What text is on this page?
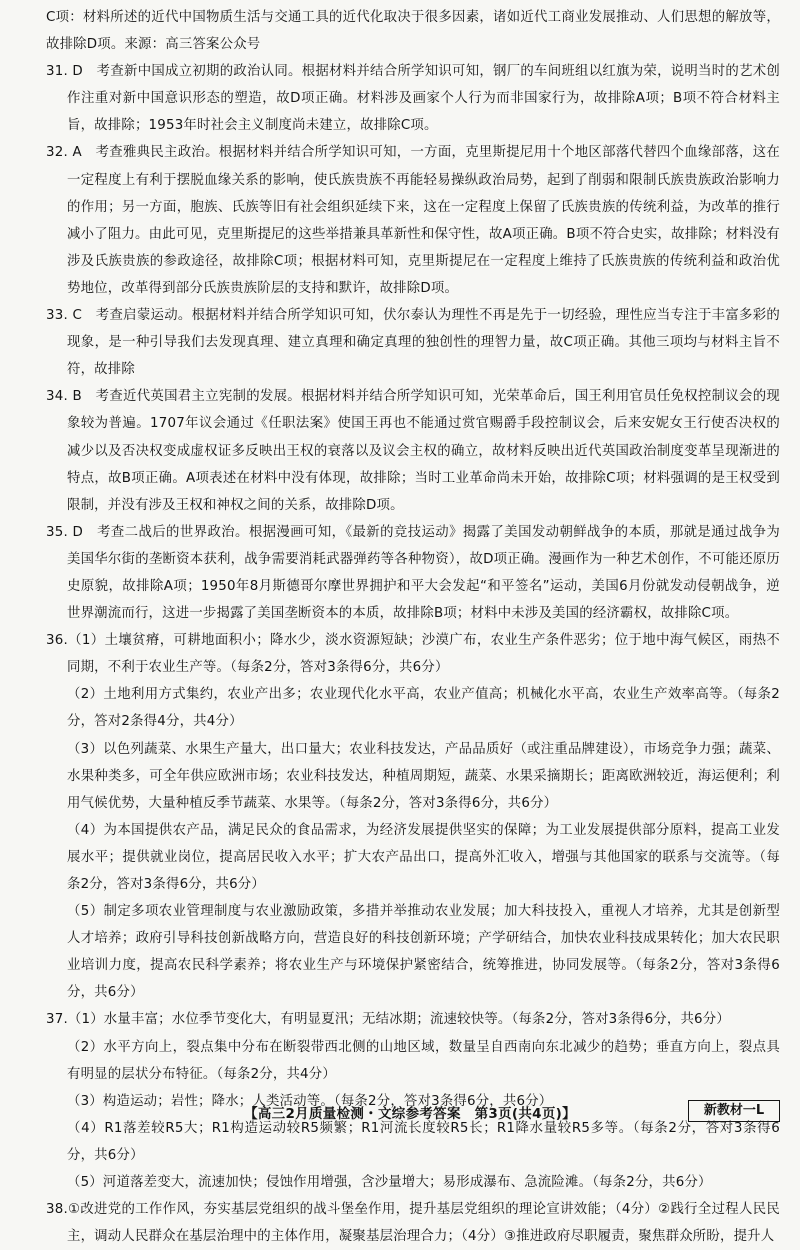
C项：材料所述的近代中国物质生活与交通工具的近代化取决于很多因素，诸如近代工商业发展推动、人们思想的解放等，故排除D项。来源：高三答案公众号

31. D　考查新中国成立初期的政治认同。根据材料并结合所学知识可知，钢厂的车间班组以红旗为荣，说明当时的艺术创作注重对新中国意识形态的塑造，故D项正确。材料涉及画家个人行为而非国家行为，故排除A项；B项不符合材料主旨，故排除；1953年时社会主义制度尚未建立，故排除C项。

32. A　考查雅典民主政治。根据材料并结合所学知识可知，一方面，克里斯提尼用十个地区部落代替四个血缘部落，这在一定程度上有利于摆脱血缘关系的影响，使氏族贵族不再能轻易操纵政治局势，起到了削弱和限制氏族贵族政治影响力的作用；另一方面，胞族、氏族等旧有社会组织延续下来，这在一定程度上保留了氏族贵族的传统利益，为改革的推行减小了阻力。由此可见，克里斯提尼的这些举措兼具革新性和保守性，故A项正确。B项不符合史实，故排除；材料没有涉及氏族贵族的参政途径，故排除C项；根据材料可知，克里斯提尼在一定程度上维持了氏族贵族的传统利益和政治优势地位，改革得到部分氏族贵族阶层的支持和默许，故排除D项。

33. C　考查启蒙运动。根据材料并结合所学知识可知，伏尔泰认为理性不再是先于一切经验，理性应当专注于丰富多彩的现象，是一种引导我们去发现真理、建立真理和确定真理的独创性的理智力量，故C项正确。其他三项均与材料主旨不符，故排除

34. B　考查近代英国君主立宪制的发展。根据材料并结合所学知识可知，光荣革命后，国王利用官员任免权控制议会的现象较为普遍。1707年议会通过《任职法案》使国王再也不能通过赏官赐爵手段控制议会，后来安妮女王行使否决权的减少以及否决权变成虚权证多反映出王权的衰落以及议会主权的确立，故材料反映出近代英国政治制度变革呈现渐进的特点，故B项正确。A项表述在材料中没有体现，故排除；当时工业革命尚未开始，故排除C项；材料强调的是王权受到限制，并没有涉及王权和神权之间的关系，故排除D项。

35. D　考查二战后的世界政治。根据漫画可知，《最新的竞技运动》揭露了美国发动朝鲜战争的本质，那就是通过战争为美国华尔街的垄断资本获利，战争需要消耗武器弹药等各种物资），故D项正确。漫画作为一种艺术创作，不可能还原历史原貌，故排除A项；1950年8月斯德哥尔摩世界拥护和平大会发起“和平签名”运动，美国6月份就发动侵朝战争，逆世界潮流而行，这进一步揭露了美国垄断资本的本质，故排除B项；材料中未涉及美国的经济霸权，故排除C项。

36.（1）土壤贫瘠，可耕地面积小；降水少，淡水资源短缺；沙漠广布，农业生产条件恶劣；位于地中海气候区，雨热不同期，不利于农业生产等。（每条2分，答对3条得6分，共6分）

（2）土地利用方式集约，农业产出多；农业现代化水平高，农业产值高；机械化水平高，农业生产效率高等。（每条2分，答对2条得4分，共4分）

（3）以色列蔬菜、水果生产量大，出口量大；农业科技发达，产品品质好（或注重品牌建设），市场竞争力强；蔬菜、水果种类多，可全年供应欧洲市场；农业科技发达，种植周期短，蔬菜、水果采摘期长；距离欧洲较近，海运便利；利用气候优势，大量种植反季节蔬菜、水果等。（每条2分，答对3条得6分，共6分）

（4）为本国提供农产品，满足民众的食品需求，为经济发展提供坚实的保障；为工业发展提供部分原料，提高工业发展水平；提供就业岗位，提高居民收入水平；扩大农产品出口，提高外汇收入，增强与其他国家的联系与交流等。（每条2分，答对3条得6分，共6分）

（5）制定多项农业管理制度与农业激励政策，多措并举推动农业发展；加大科技投入，重视人才培养，尤其是创新型人才培养；政府引导科技创新战略方向，营造良好的科技创新环境；产学研结合，加快农业科技成果转化；加大农民职业培训力度，提高农民科学素养；将农业生产与环境保护紧密结合，统筹推进，协同发展等。（每条2分，答对3条得6分，共6分）

37.（1）水量丰富；水位季节变化大，有明显夏汛；无结冰期；流速较快等。（每条2分，答对3条得6分，共6分）

（2）水平方向上，裂点集中分布在断裂带西北侧的山地区域，数量呈自西南向东北减少的趋势；垂直方向上，裂点具有明显的层状分布特征。（每条2分，共4分）

（3）构造运动；岩性；降水；人类活动等。（每条2分，答对3条得6分，共6分）

（4）R1落差较R5大；R1构造运动较R5频繁；R1河流长度较R5长；R1降水量较R5多等。（每条2分，答对3条得6分，共6分）

（5）河道落差变大，流速加快；侵蚀作用增强，含沙量增大；易形成瀑布、急流险滩。（每条2分，共6分）

38.①改进党的工作作风，夯实基层党组织的战斗堡垒作用，提升基层党组织的理论宣讲效能；（4分）②践行全过程人民民主，调动人民群众在基层治理中的主体作用，凝聚基层治理合力；（4分）③推进政府尽职履责，聚焦群众所盼，提升人

【高三2月质量检测・文综参考答案　第3页(共4页)】	新教材一L
